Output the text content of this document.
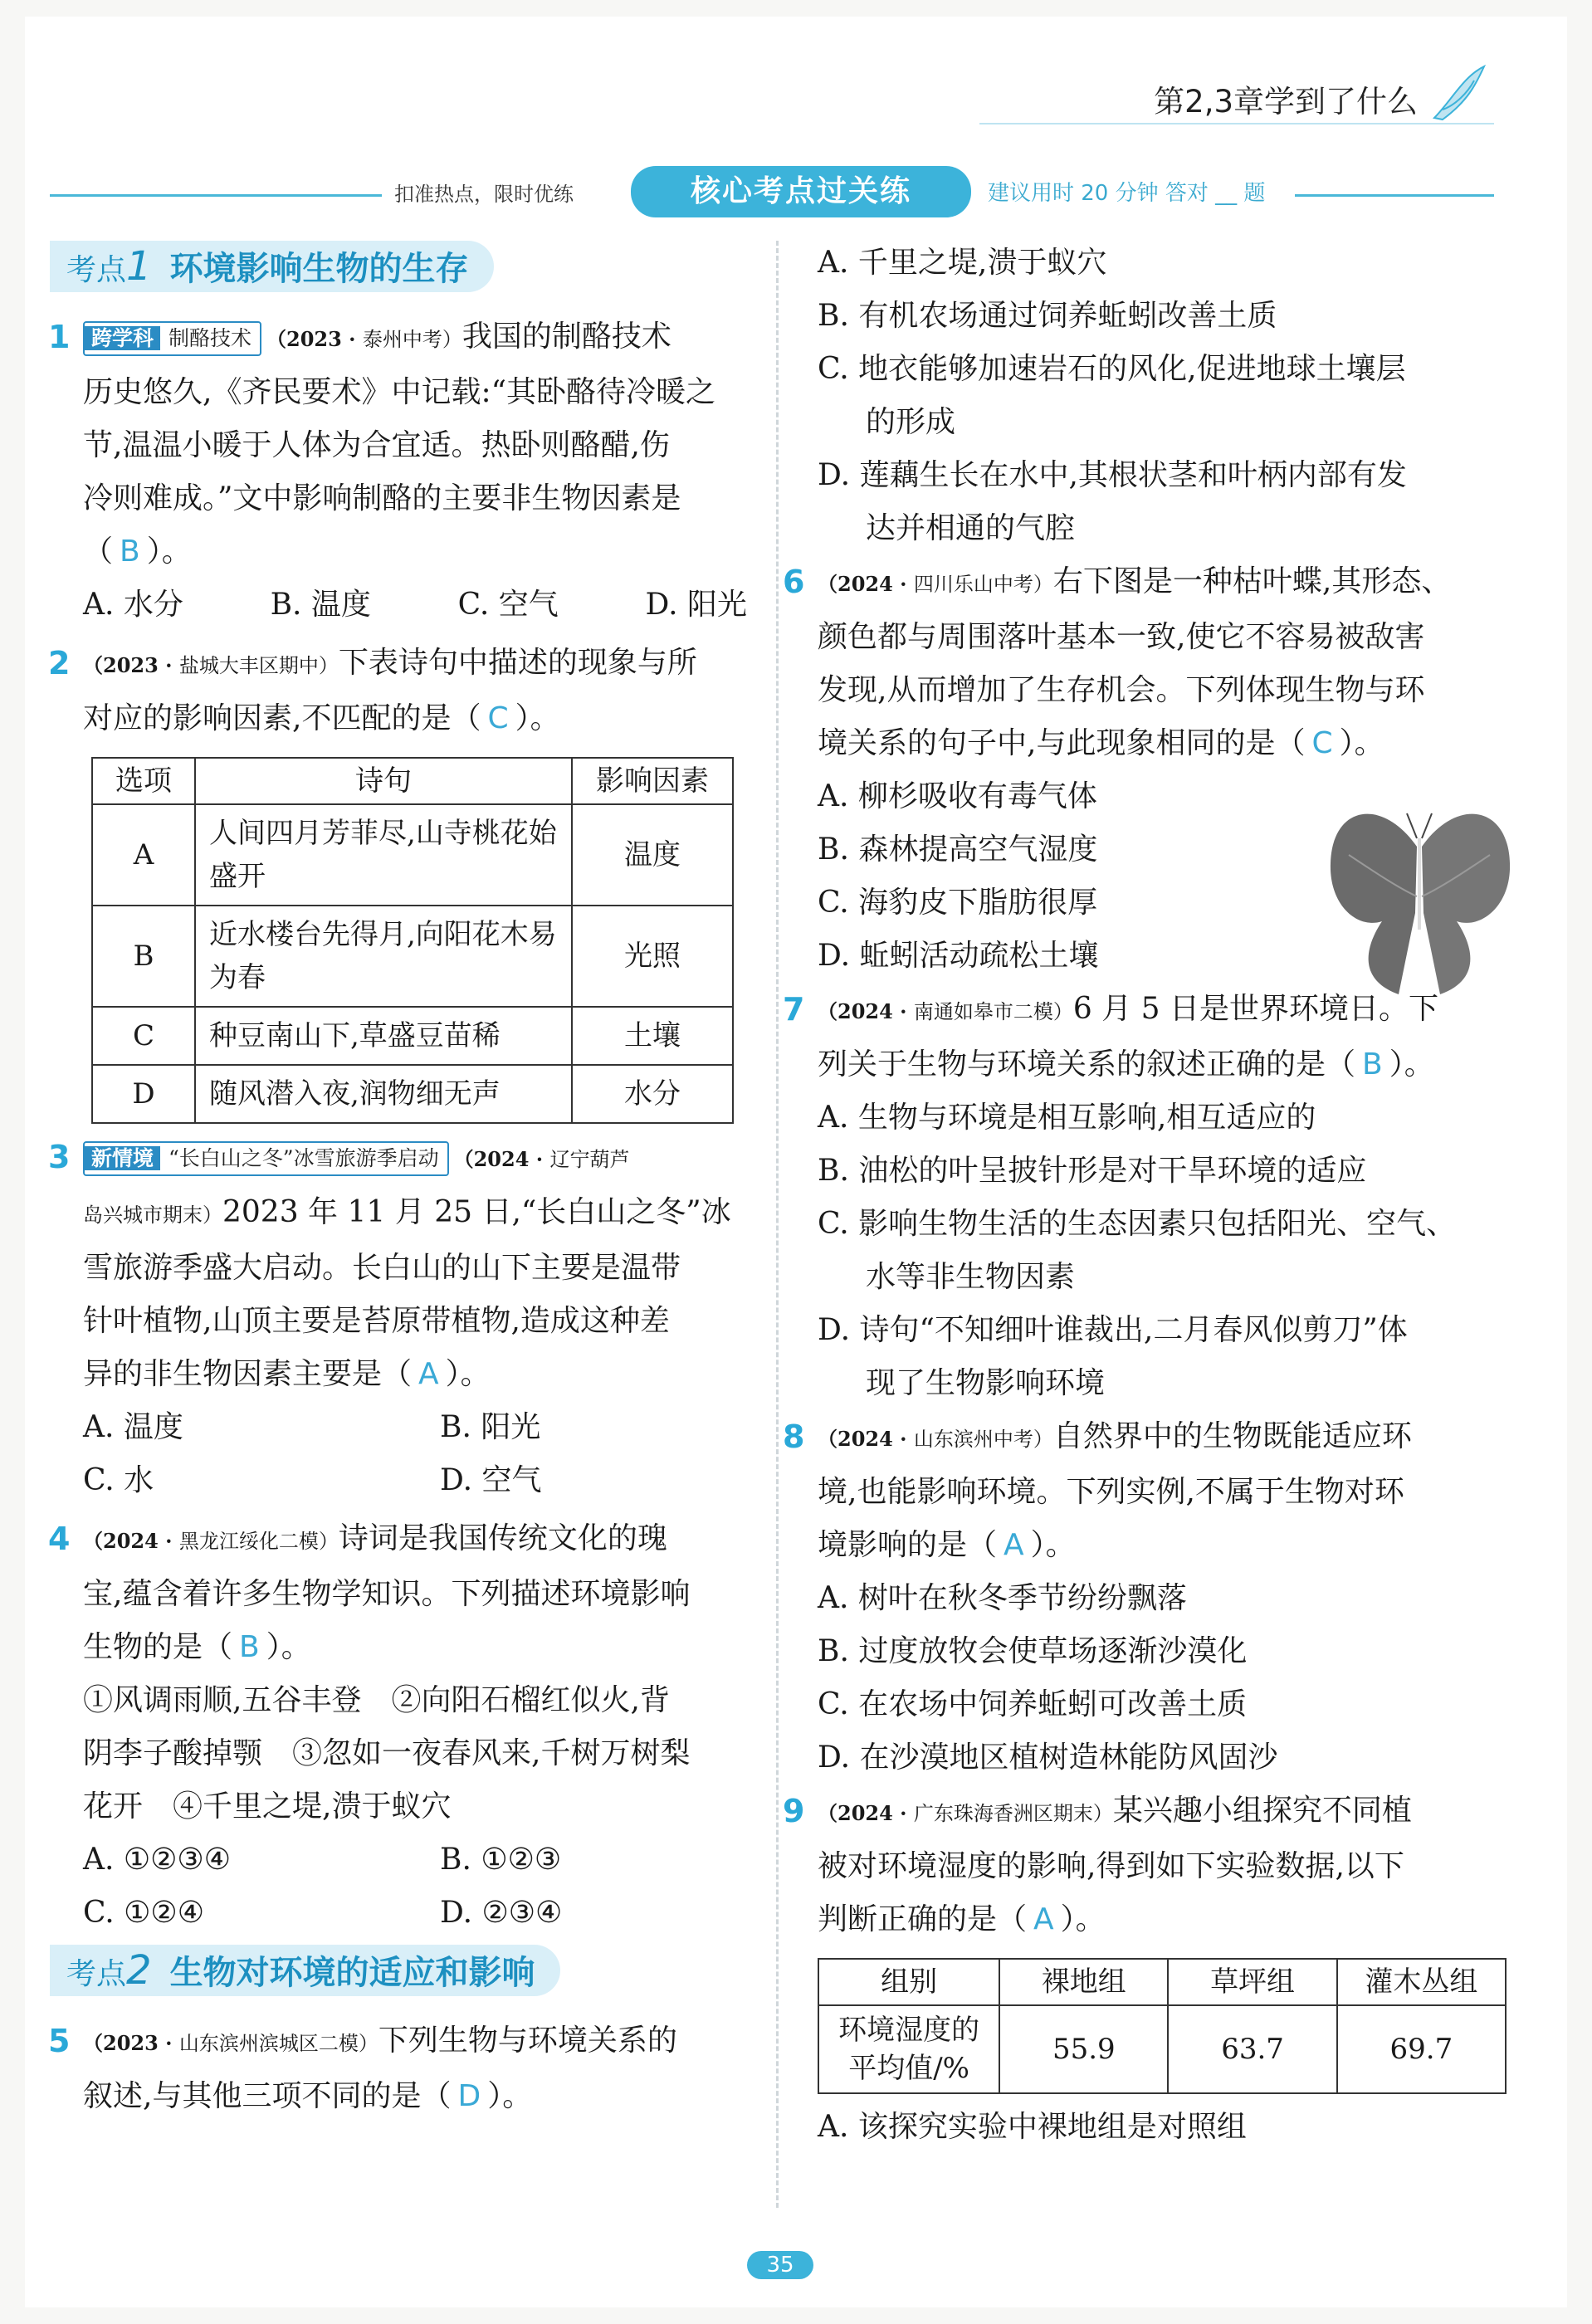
第2,3章学到了什么
扣准热点，限时优练	核心考点过关练	建议用时 20 分钟 答对 __ 题
考点1 环境影响生物的生存
1	跨学科 制酪技术 （2023 · 泰州中考）我国的制酪技术
历史悠久,《齐民要术》中记载:“其卧酪待冷暖之
节,温温小暖于人体为合宜适。热卧则酪醋,伤
冷则难成。”文中影响制酪的主要非生物因素是
（ B ）。
A. 水分	B. 温度	C. 空气	D. 阳光
2 （2023 · 盐城大丰区期中）下表诗句中描述的现象与所
对应的影响因素,不匹配的是（ C ）。
选项	诗句	影响因素
A	人间四月芳菲尽,山寺桃花始盛开	温度
B	近水楼台先得月,向阳花木易为春	光照
C	种豆南山下,草盛豆苗稀	土壤
D	随风潜入夜,润物细无声	水分
3	新情境 “长白山之冬”冰雪旅游季启动 （2024 · 辽宁葫芦
岛兴城市期末）2023 年 11 月 25 日,“长白山之冬”冰
雪旅游季盛大启动。长白山的山下主要是温带
针叶植物,山顶主要是苔原带植物,造成这种差
异的非生物因素主要是（ A ）。
A. 温度	B. 阳光
C. 水	D. 空气
4 （2024 · 黑龙江绥化二模）诗词是我国传统文化的瑰
宝,蕴含着许多生物学知识。下列描述环境影响
生物的是（ B ）。
①风调雨顺,五谷丰登　②向阳石榴红似火,背
阴李子酸掉颚　③忽如一夜春风来,千树万树梨
花开　④千里之堤,溃于蚁穴
A. ①②③④	B. ①②③
C. ①②④	D. ②③④
考点2 生物对环境的适应和影响
5 （2023 · 山东滨州滨城区二模）下列生物与环境关系的
叙述,与其他三项不同的是（ D ）。
A. 千里之堤,溃于蚁穴
B. 有机农场通过饲养蚯蚓改善土质
C. 地衣能够加速岩石的风化,促进地球土壤层
的形成
D. 莲藕生长在水中,其根状茎和叶柄内部有发
达并相通的气腔
6 （2024 · 四川乐山中考）右下图是一种枯叶蝶,其形态、
颜色都与周围落叶基本一致,使它不容易被敌害
发现,从而增加了生存机会。下列体现生物与环
境关系的句子中,与此现象相同的是（ C ）。
A. 柳杉吸收有毒气体
B. 森林提高空气湿度
C. 海豹皮下脂肪很厚
D. 蚯蚓活动疏松土壤
7 （2024 · 南通如皋市二模）6 月 5 日是世界环境日。下
列关于生物与环境关系的叙述正确的是（ B ）。
A. 生物与环境是相互影响,相互适应的
B. 油松的叶呈披针形是对干旱环境的适应
C. 影响生物生活的生态因素只包括阳光、空气、
水等非生物因素
D. 诗句“不知细叶谁裁出,二月春风似剪刀”体
现了生物影响环境
8 （2024 · 山东滨州中考）自然界中的生物既能适应环
境,也能影响环境。下列实例,不属于生物对环
境影响的是（ A ）。
A. 树叶在秋冬季节纷纷飘落
B. 过度放牧会使草场逐渐沙漠化
C. 在农场中饲养蚯蚓可改善土质
D. 在沙漠地区植树造林能防风固沙
9 （2024 · 广东珠海香洲区期末）某兴趣小组探究不同植
被对环境湿度的影响,得到如下实验数据,以下
判断正确的是（ A ）。
组别	裸地组	草坪组	灌木丛组

环境湿度的
平均值/%	55.9	63.7	69.7
A. 该探究实验中裸地组是对照组
35
